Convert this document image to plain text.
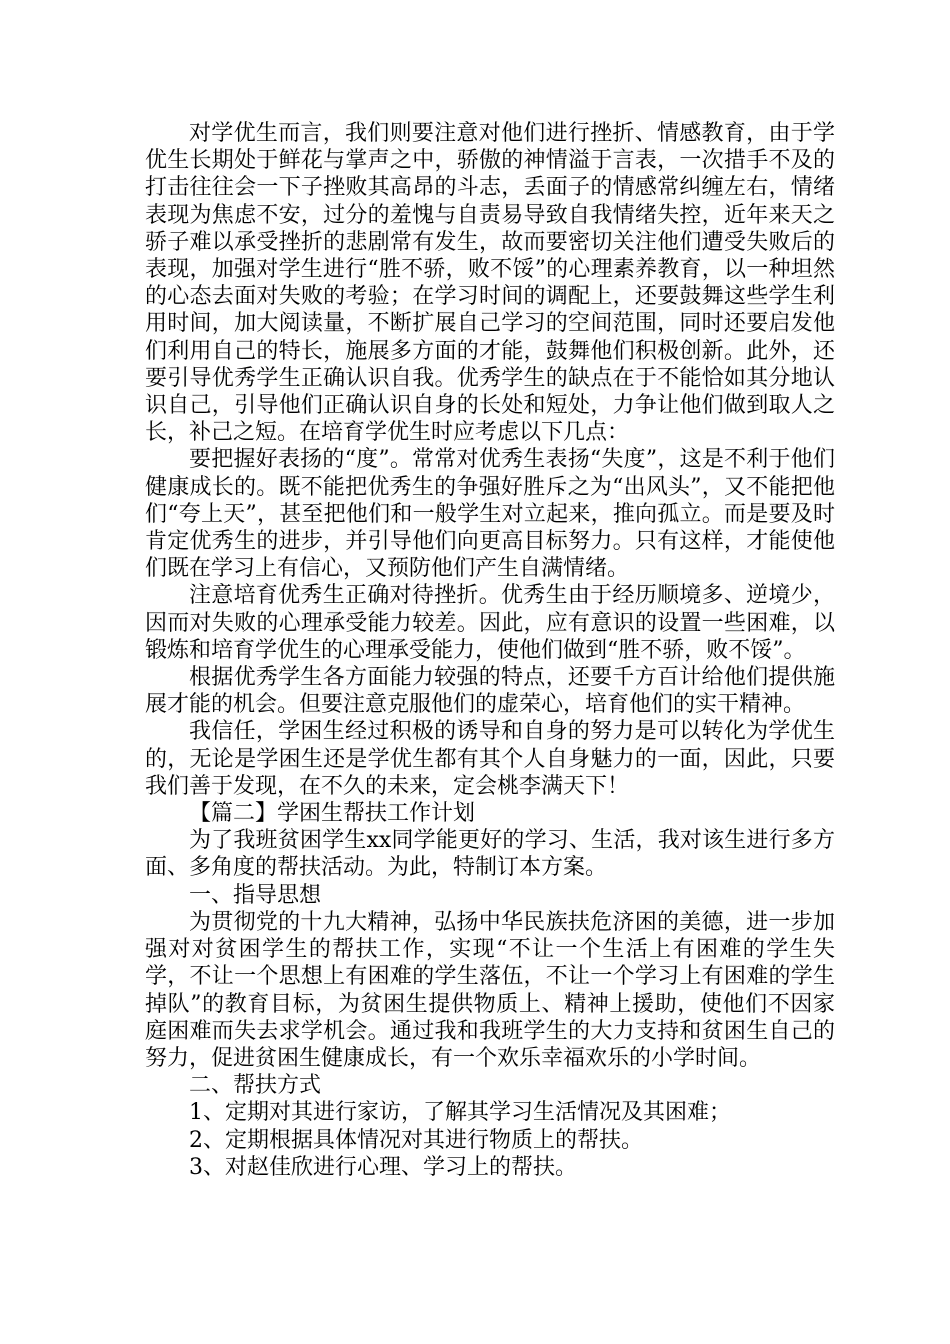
对学优生而言，我们则要注意对他们进行挫折、情感教育，由于学优生长期处于鲜花与掌声之中，骄傲的神情溢于言表，一次措手不及的打击往往会一下子挫败其高昂的斗志，丢面子的情感常纠缠左右，情绪表现为焦虑不安，过分的羞愧与自责易导致自我情绪失控，近年来天之骄子难以承受挫折的悲剧常有发生，故而要密切关注他们遭受失败后的表现，加强对学生进行“胜不骄，败不馁”的心理素养教育，以一种坦然的心态去面对失败的考验；在学习时间的调配上，还要鼓舞这些学生利用时间，加大阅读量，不断扩展自己学习的空间范围，同时还要启发他们利用自己的特长，施展多方面的才能，鼓舞他们积极创新。此外，还要引导优秀学生正确认识自我。优秀学生的缺点在于不能恰如其分地认识自己，引导他们正确认识自身的长处和短处，力争让他们做到取人之长，补己之短。在培育学优生时应考虑以下几点：

要把握好表扬的“度”。常常对优秀生表扬“失度”，这是不利于他们健康成长的。既不能把优秀生的争强好胜斥之为“出风头”，又不能把他们“夸上天”，甚至把他们和一般学生对立起来，推向孤立。而是要及时肯定优秀生的进步，并引导他们向更高目标努力。只有这样，才能使他们既在学习上有信心，又预防他们产生自满情绪。

注意培育优秀生正确对待挫折。优秀生由于经历顺境多、逆境少，因而对失败的心理承受能力较差。因此，应有意识的设置一些困难，以锻炼和培育学优生的心理承受能力，使他们做到“胜不骄，败不馁”。

根据优秀学生各方面能力较强的特点，还要千方百计给他们提供施展才能的机会。但要注意克服他们的虚荣心，培育他们的实干精神。

我信任，学困生经过积极的诱导和自身的努力是可以转化为学优生的，无论是学困生还是学优生都有其个人自身魅力的一面，因此，只要我们善于发现，在不久的未来，定会桃李满天下！

【篇二】学困生帮扶工作计划

为了我班贫困学生xx同学能更好的学习、生活，我对该生进行多方面、多角度的帮扶活动。为此，特制订本方案。

一、指导思想

为贯彻党的十九大精神，弘扬中华民族扶危济困的美德，进一步加强对对贫困学生的帮扶工作，实现“不让一个生活上有困难的学生失学，不让一个思想上有困难的学生落伍，不让一个学习上有困难的学生掉队”的教育目标，为贫困生提供物质上、精神上援助，使他们不因家庭困难而失去求学机会。通过我和我班学生的大力支持和贫困生自己的努力，促进贫困生健康成长，有一个欢乐幸福欢乐的小学时间。

二、帮扶方式

1、定期对其进行家访，了解其学习生活情况及其困难；

2、定期根据具体情况对其进行物质上的帮扶。

3、对赵佳欣进行心理、学习上的帮扶。
